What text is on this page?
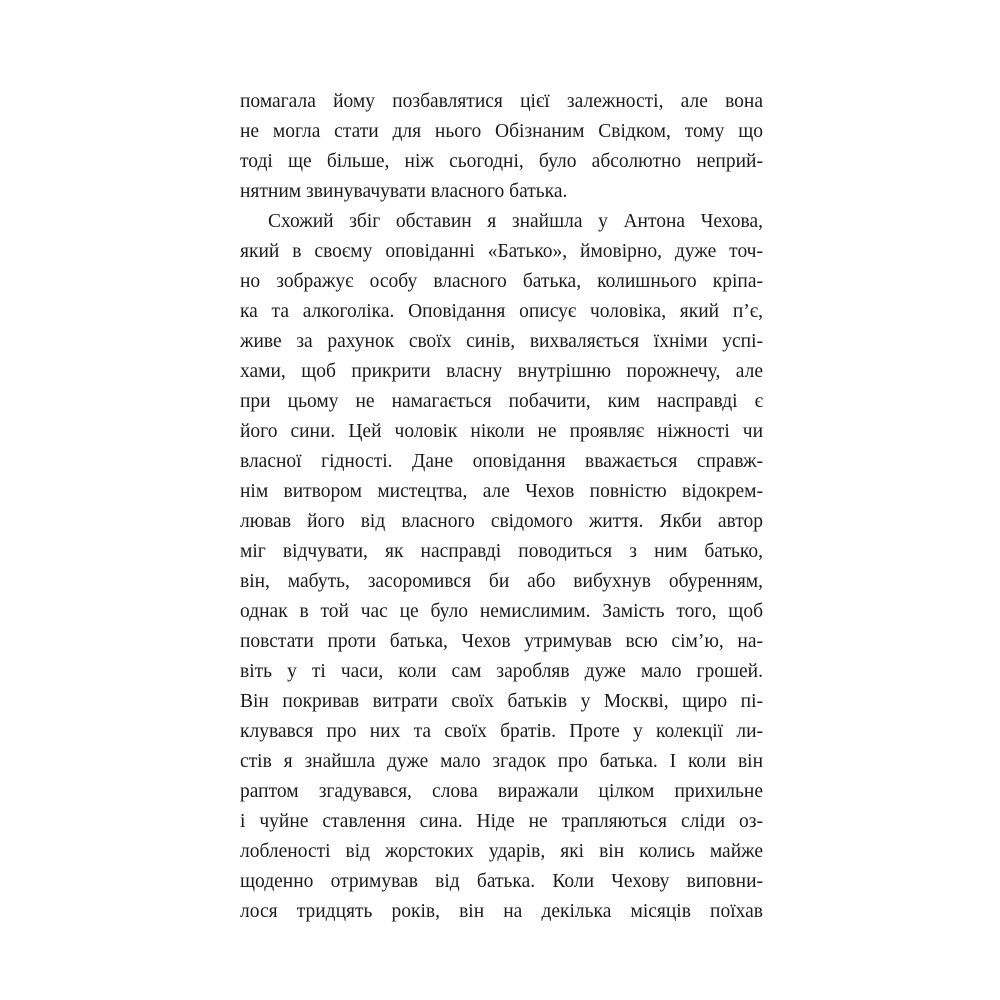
помагала йому позбавлятися цієї залежності, але вона
не могла стати для нього Обізнаним Свідком, тому що
тоді ще більше, ніж сьогодні, було абсолютно неприй-
нятним звинувачувати власного батька.
Схожий збіг обставин я знайшла у Антона Чехова,
який в своєму оповіданні «Батько», ймовірно, дуже точ-
но зображує особу власного батька, колишнього кріпа-
ка та алкоголіка. Оповідання описує чоловіка, який п’є,
живе за рахунок своїх синів, вихваляється їхніми успі-
хами, щоб прикрити власну внутрішню порожнечу, але
при цьому не намагається побачити, ким насправді є
його сини. Цей чоловік ніколи не проявляє ніжності чи
власної гідності. Дане оповідання вважається справж-
нім витвором мистецтва, але Чехов повністю відокрем-
лював його від власного свідомого життя. Якби автор
міг відчувати, як насправді поводиться з ним батько,
він, мабуть, засоромився би або вибухнув обуренням,
однак в той час це було немислимим. Замість того, щоб
повстати проти батька, Чехов утримував всю сім’ю, на-
віть у ті часи, коли сам заробляв дуже мало грошей.
Він покривав витрати своїх батьків у Москві, щиро пі-
клувався про них та своїх братів. Проте у колекції ли-
стів я знайшла дуже мало згадок про батька. І коли він
раптом згадувався, слова виражали цілком прихильне
і чуйне ставлення сина. Ніде не трапляються сліди оз-
лобленості від жорстоких ударів, які він колись майже
щоденно отримував від батька. Коли Чехову виповни-
лося тридцять років, він на декілька місяців поїхав
